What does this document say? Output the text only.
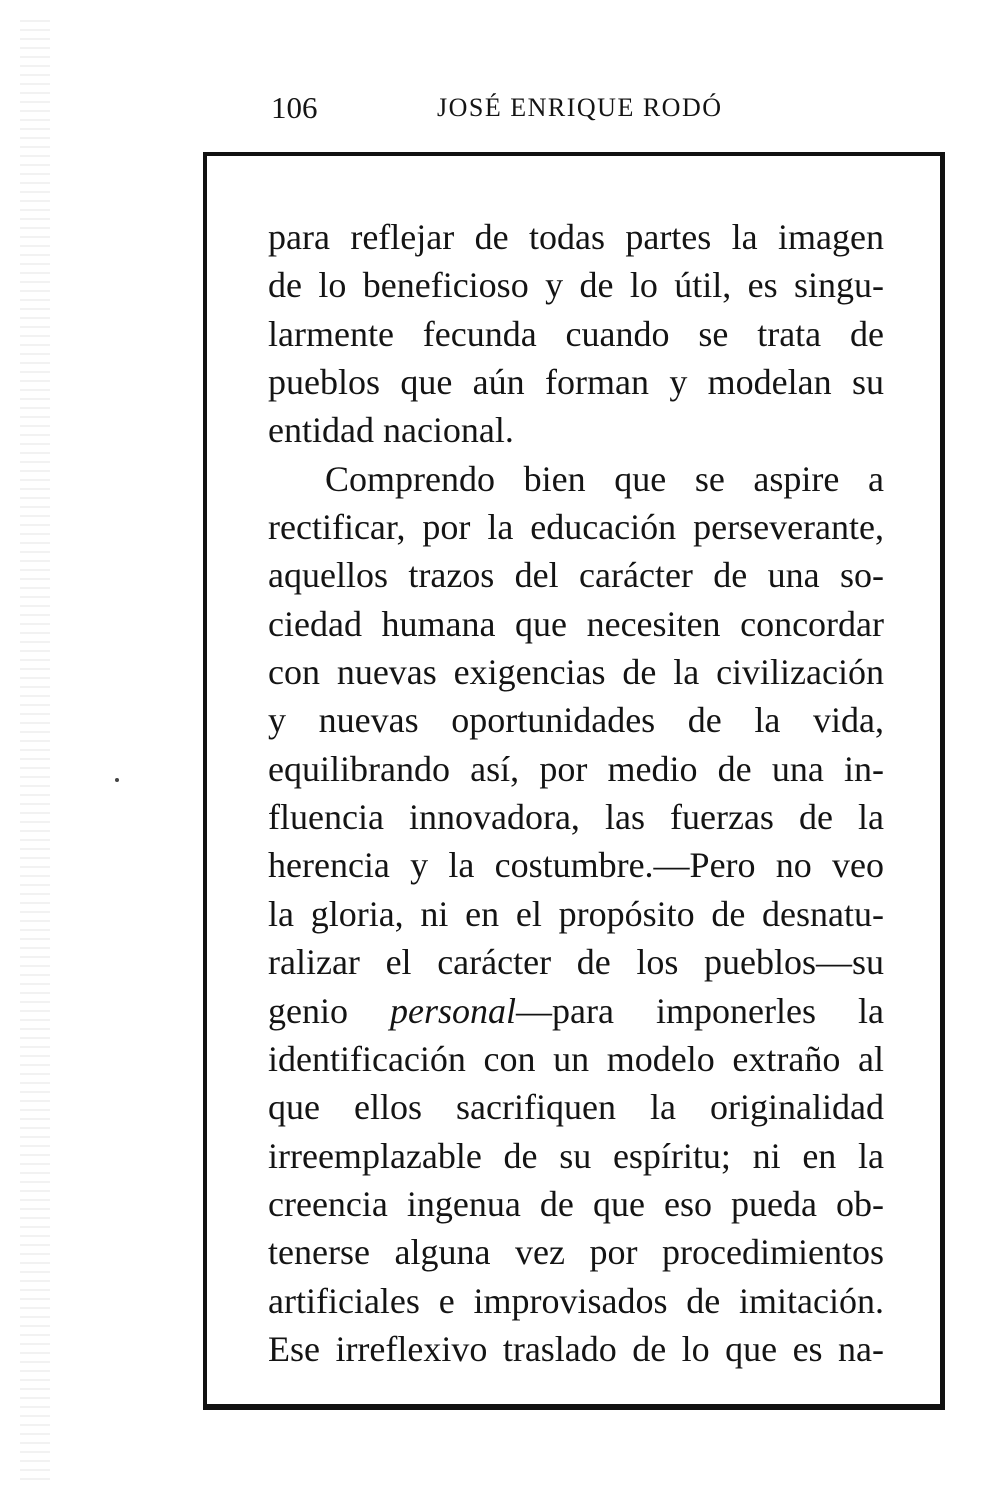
106	JOSÉ ENRIQUE RODÓ
para reflejar de todas partes la imagen
de lo beneficioso y de lo útil, es singu-
larmente fecunda cuando se trata de
pueblos que aún forman y modelan su
entidad nacional.
Comprendo bien que se aspire a
rectificar, por la educación perseverante,
aquellos trazos del carácter de una so-
ciedad humana que necesiten concordar
con nuevas exigencias de la civilización
y nuevas oportunidades de la vida,
equilibrando así, por medio de una in-
fluencia innovadora, las fuerzas de la
herencia y la costumbre.—Pero no veo
la gloria, ni en el propósito de desnatu-
ralizar el carácter de los pueblos—su
genio personal—para imponerles la
identificación con un modelo extraño al
que ellos sacrifiquen la originalidad
irreemplazable de su espíritu; ni en la
creencia ingenua de que eso pueda ob-
tenerse alguna vez por procedimientos
artificiales e improvisados de imitación.
Ese irreflexivo traslado de lo que es na-
